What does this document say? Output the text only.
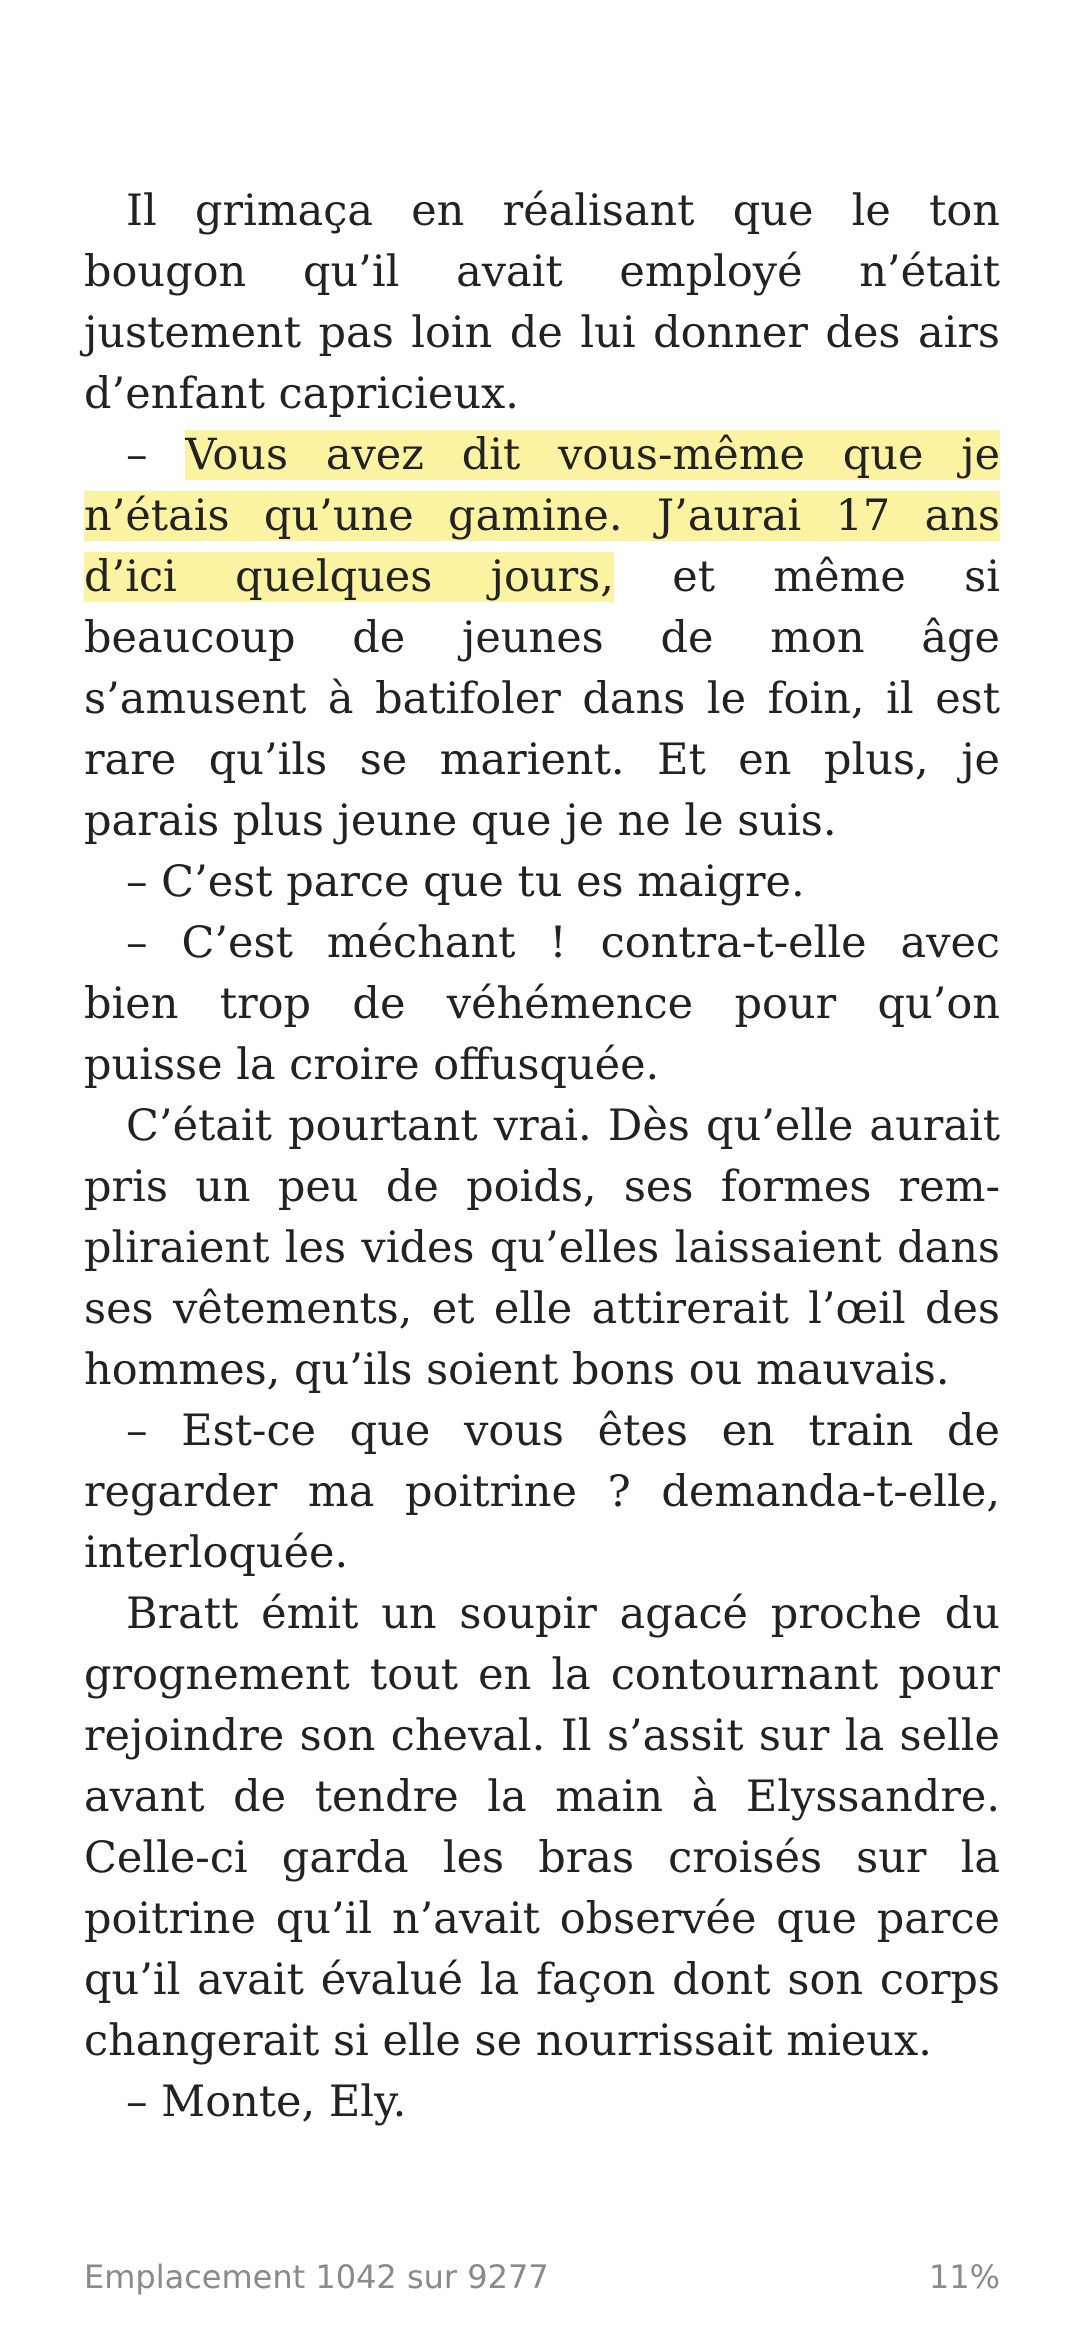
Il grimaça en réalisant que le ton bougon qu’il avait employé n’était justement pas loin de lui donner des airs d’enfant capricieux.

– Vous avez dit vous-même que je n’étais qu’une gamine. J’aurai 17 ans d’ici quelques jours, et même si beaucoup de jeunes de mon âge s’amusent à batifoler dans le foin, il est rare qu’ils se marient. Et en plus, je parais plus jeune que je ne le suis.

– C’est parce que tu es maigre.

– C’est méchant ! contra-t-elle avec bien trop de véhémence pour qu’on puisse la croire offusquée.

C’était pourtant vrai. Dès qu’elle aurait pris un peu de poids, ses formes rempliraient les vides qu’elles laissaient dans ses vêtements, et elle attirerait l’œil des hommes, qu’ils soient bons ou mauvais.

– Est-ce que vous êtes en train de regarder ma poitrine ? demanda-t-elle, interloquée.

Bratt émit un soupir agacé proche du grognement tout en la contournant pour rejoindre son cheval. Il s’assit sur la selle avant de tendre la main à Elyssandre. Celle-ci garda les bras croisés sur la poitrine qu’il n’avait observée que parce qu’il avait évalué la façon dont son corps changerait si elle se nourrissait mieux.

– Monte, Ely.

Emplacement 1042 sur 9277	11%
